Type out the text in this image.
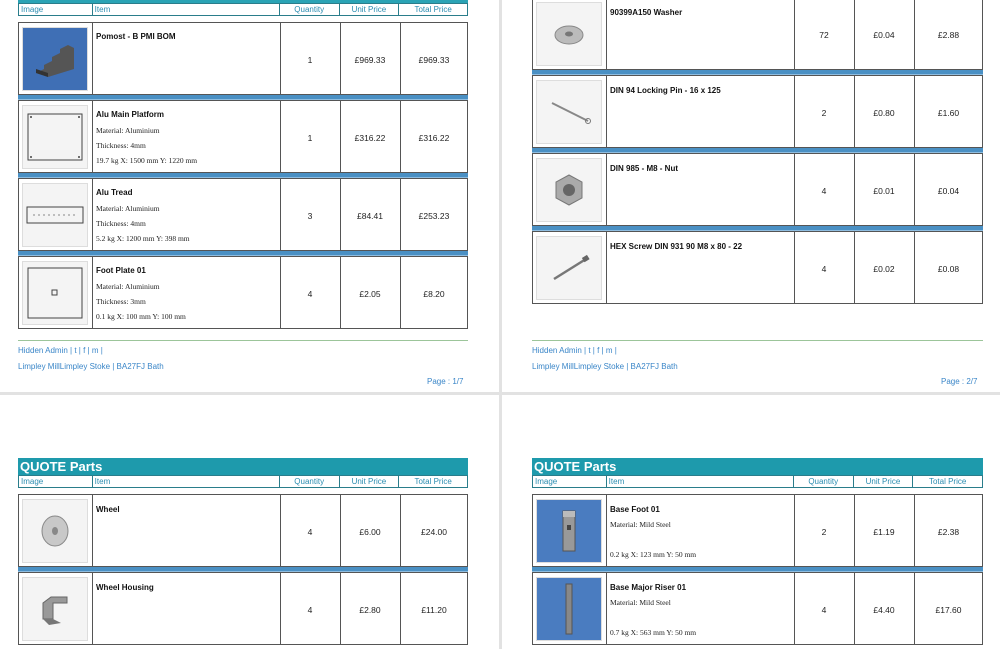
Image	Item	Quantity	Unit Price	Total Price
Pomost - B PMI BOM
1	£969.33	£969.33
Alu Main Platform
Material: Aluminium
Thickness: 4mm
19.7 kg X: 1500 mm Y: 1220 mm
1	£316.22	£316.22
Alu Tread
Material: Aluminium
Thickness: 4mm
5.2 kg X: 1200 mm Y: 398 mm
3	£84.41	£253.23
Foot Plate 01
Material: Aluminium
Thickness: 3mm
0.1 kg X: 100 mm Y: 100 mm
4	£2.05	£8.20
Hidden Admin | t | f | m |
Limpley MillLimpley Stoke | BA27FJ Bath
Page : 1/7
90399A150 Washer
72	£0.04	£2.88
DIN 94 Locking Pin - 16 x 125
2	£0.80	£1.60
DIN 985 - M8 - Nut
4	£0.01	£0.04
HEX Screw DIN 931 90 M8 x 80 - 22
4	£0.02	£0.08
Hidden Admin | t | f | m |
Limpley MillLimpley Stoke | BA27FJ Bath
Page : 2/7
QUOTE Parts
Image	Item	Quantity	Unit Price	Total Price
Wheel
4	£6.00	£24.00
Wheel Housing
4	£2.80	£11.20
QUOTE Parts
Image	Item	Quantity	Unit Price	Total Price
Base Foot 01
Material: Mild Steel
0.2 kg X: 123 mm Y: 50 mm
2	£1.19	£2.38
Base Major Riser 01
Material: Mild Steel
0.7 kg X: 563 mm Y: 50 mm
4	£4.40	£17.60
